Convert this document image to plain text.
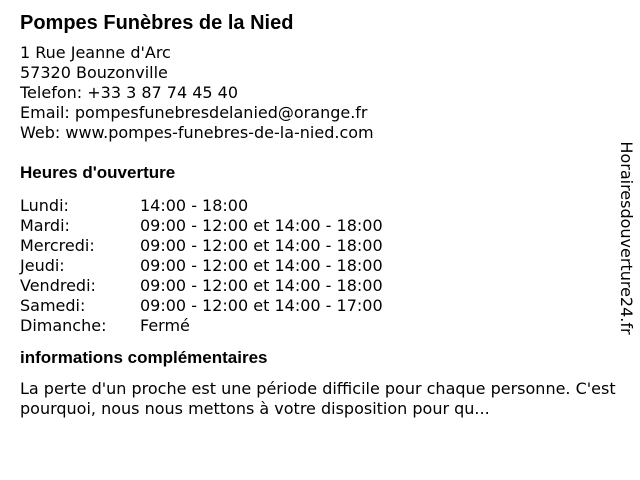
Pompes Funèbres de la Nied
1 Rue Jeanne d'Arc
57320 Bouzonville
Telefon: +33 3 87 74 45 40
Email: pompesfunebresdelanied@orange.fr
Web: www.pompes-funebres-de-la-nied.com
Heures d'ouverture
Lundi:	14:00 - 18:00
Mardi:	09:00 - 12:00 et 14:00 - 18:00
Mercredi:	09:00 - 12:00 et 14:00 - 18:00
Jeudi:	09:00 - 12:00 et 14:00 - 18:00
Vendredi:	09:00 - 12:00 et 14:00 - 18:00
Samedi:	09:00 - 12:00 et 14:00 - 17:00
Dimanche:	Fermé
informations complémentaires
La perte d'un proche est une période difficile pour chaque personne. C'est pourquoi, nous nous mettons à votre disposition pour qu...
Horairesdouverture24.fr
